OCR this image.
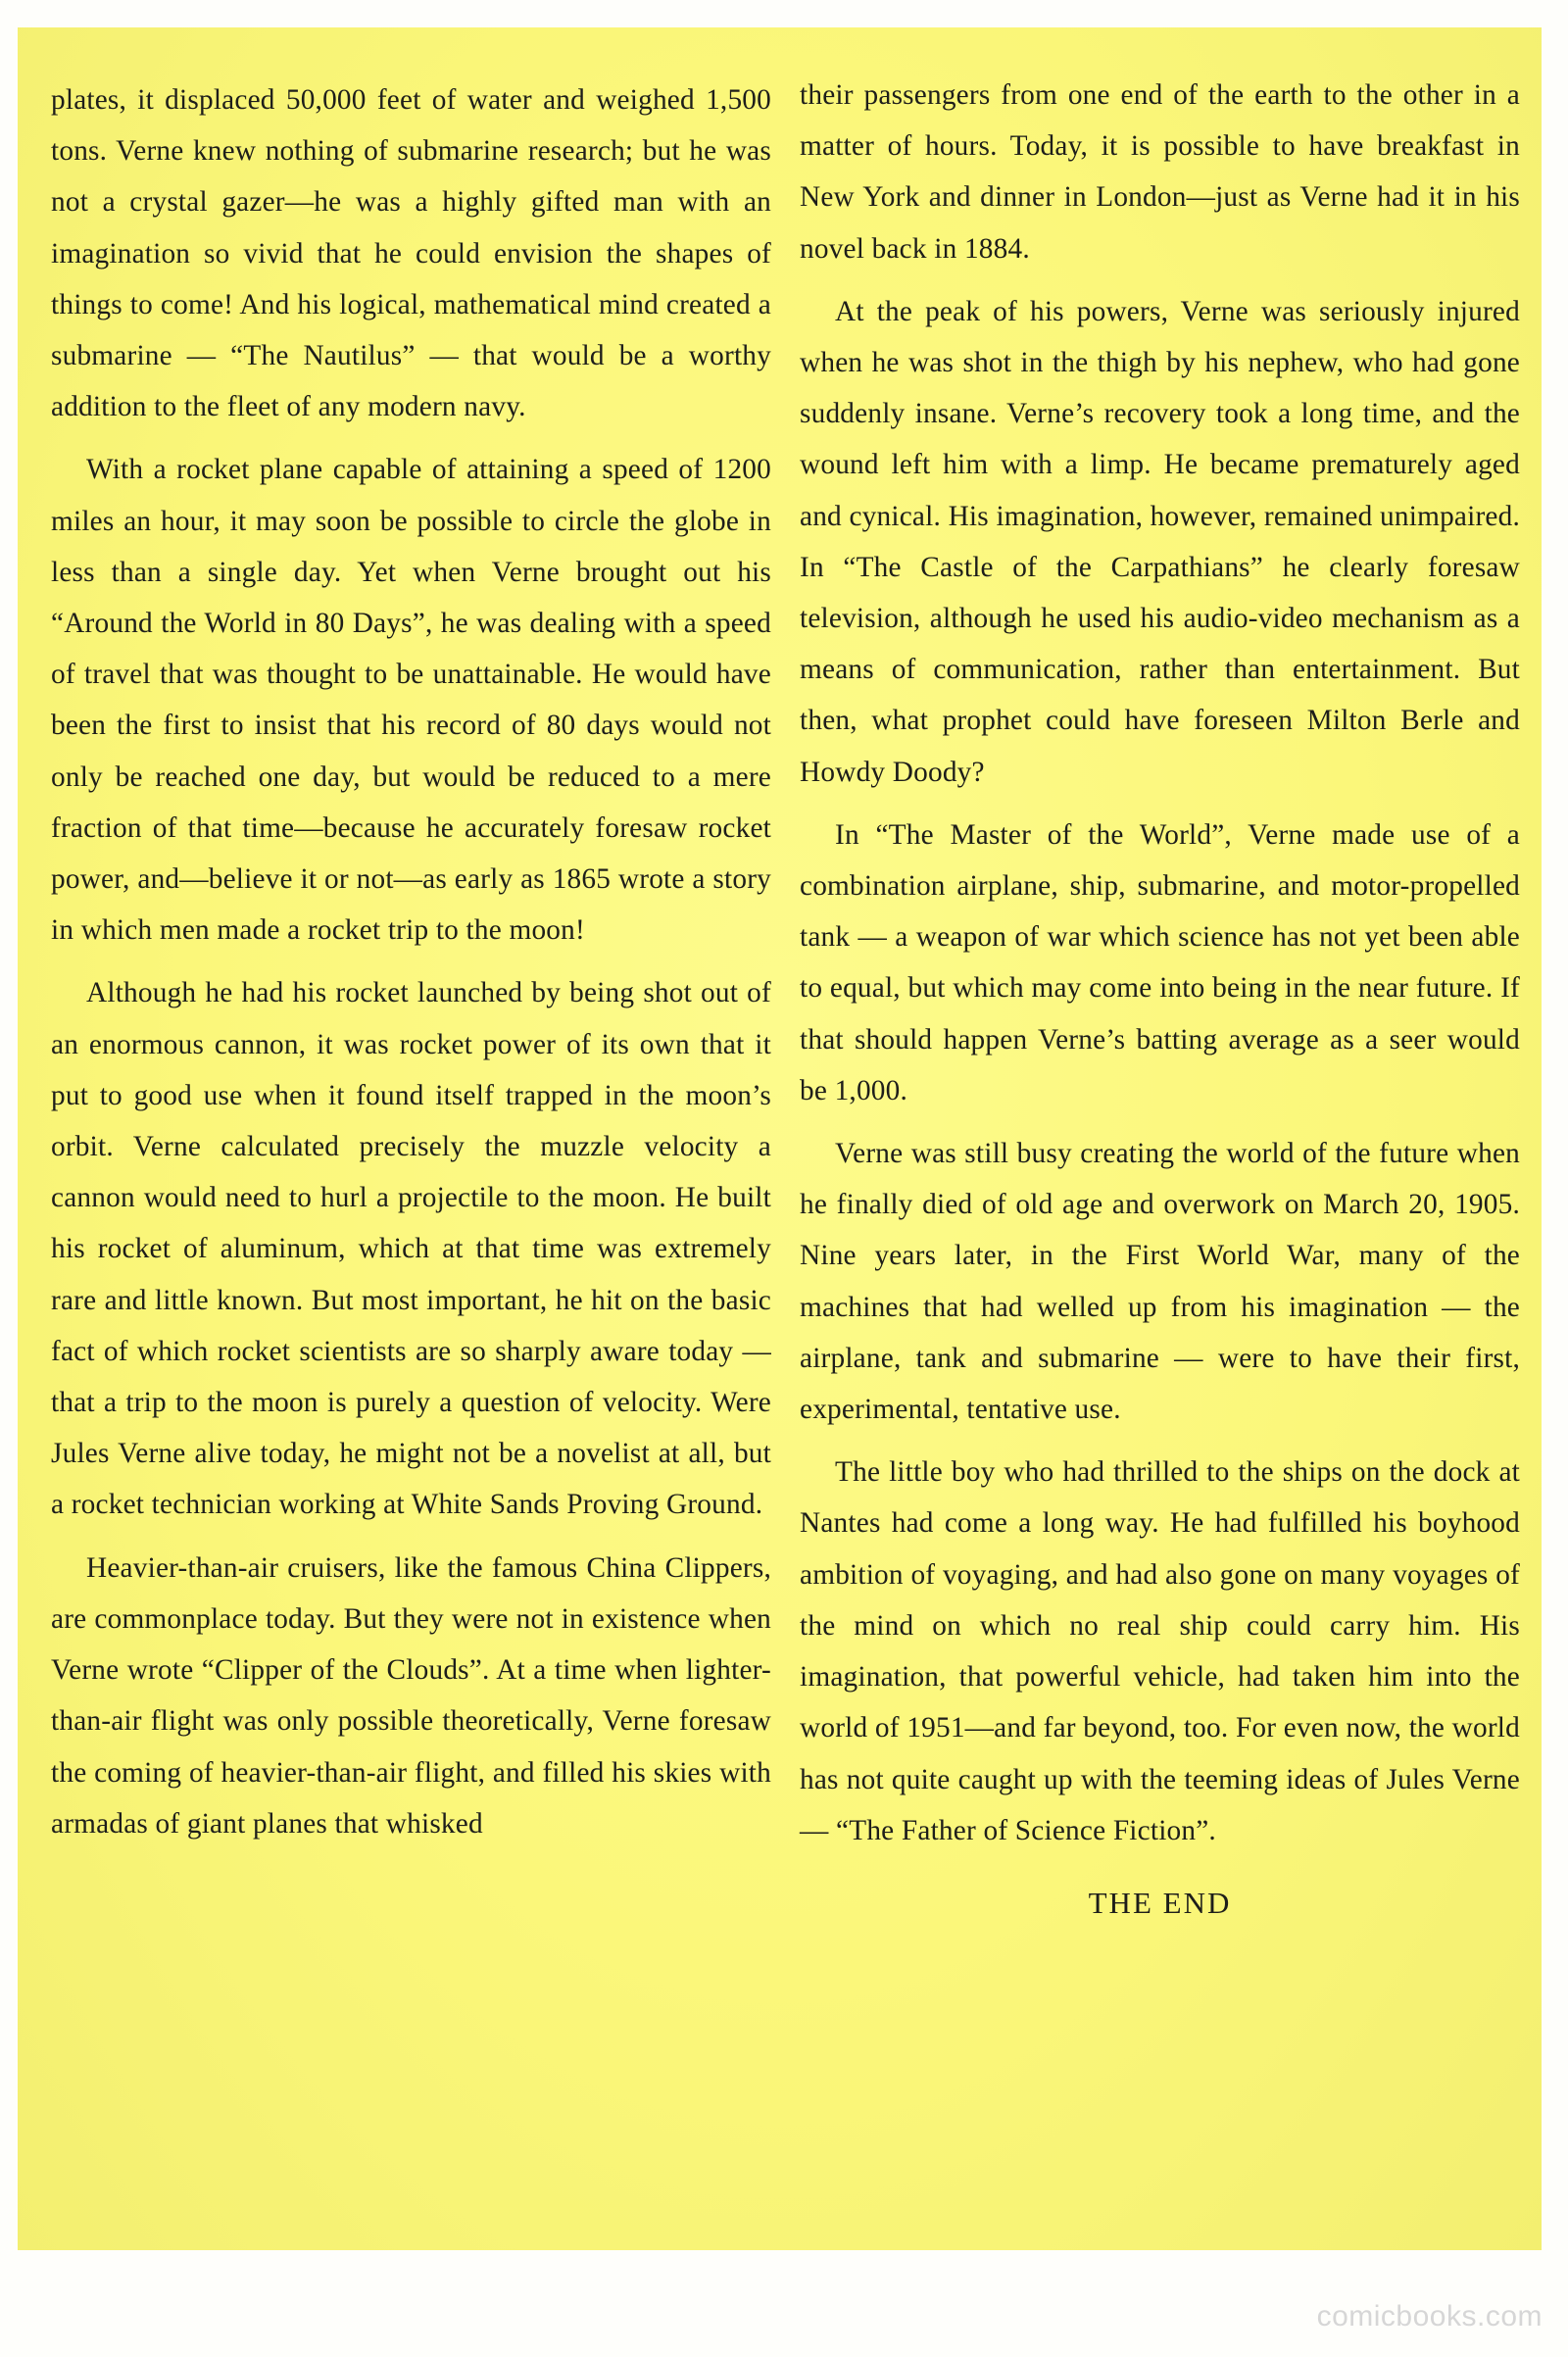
plates, it displaced 50,000 feet of water and weighed 1,500 tons. Verne knew nothing of submarine research; but he was not a crystal gazer—he was a highly gifted man with an imagination so vivid that he could envision the shapes of things to come! And his logical, mathematical mind created a submarine — “The Nautilus” — that would be a worthy addition to the fleet of any modern navy.

With a rocket plane capable of attaining a speed of 1200 miles an hour, it may soon be possible to circle the globe in less than a single day. Yet when Verne brought out his “Around the World in 80 Days”, he was dealing with a speed of travel that was thought to be unattainable. He would have been the first to insist that his record of 80 days would not only be reached one day, but would be reduced to a mere fraction of that time—because he accurately foresaw rocket power, and—believe it or not—as early as 1865 wrote a story in which men made a rocket trip to the moon!

Although he had his rocket launched by being shot out of an enormous cannon, it was rocket power of its own that it put to good use when it found itself trapped in the moon’s orbit. Verne calculated precisely the muzzle velocity a cannon would need to hurl a projectile to the moon. He built his rocket of aluminum, which at that time was extremely rare and little known. But most important, he hit on the basic fact of which rocket scientists are so sharply aware today — that a trip to the moon is purely a question of velocity. Were Jules Verne alive today, he might not be a novelist at all, but a rocket technician working at White Sands Proving Ground.

Heavier-than-air cruisers, like the famous China Clippers, are commonplace today. But they were not in existence when Verne wrote “Clipper of the Clouds”. At a time when lighter-than-air flight was only possible theoretically, Verne foresaw the coming of heavier-than-air flight, and filled his skies with armadas of giant planes that whisked

their passengers from one end of the earth to the other in a matter of hours. Today, it is possible to have breakfast in New York and dinner in London—just as Verne had it in his novel back in 1884.

At the peak of his powers, Verne was seriously injured when he was shot in the thigh by his nephew, who had gone suddenly insane. Verne’s recovery took a long time, and the wound left him with a limp. He became prematurely aged and cynical. His imagination, however, remained unimpaired. In “The Castle of the Carpathians” he clearly foresaw television, although he used his audio-video mechanism as a means of communication, rather than entertainment. But then, what prophet could have foreseen Milton Berle and Howdy Doody?

In “The Master of the World”, Verne made use of a combination airplane, ship, submarine, and motor-propelled tank — a weapon of war which science has not yet been able to equal, but which may come into being in the near future. If that should happen Verne’s batting average as a seer would be 1,000.

Verne was still busy creating the world of the future when he finally died of old age and overwork on March 20, 1905. Nine years later, in the First World War, many of the machines that had welled up from his imagination — the airplane, tank and submarine — were to have their first, experimental, tentative use.

The little boy who had thrilled to the ships on the dock at Nantes had come a long way. He had fulfilled his boyhood ambition of voyaging, and had also gone on many voyages of the mind on which no real ship could carry him. His imagination, that powerful vehicle, had taken him into the world of 1951—and far beyond, too. For even now, the world has not quite caught up with the teeming ideas of Jules Verne — “The Father of Science Fiction”.

THE END
comicbooks.com
